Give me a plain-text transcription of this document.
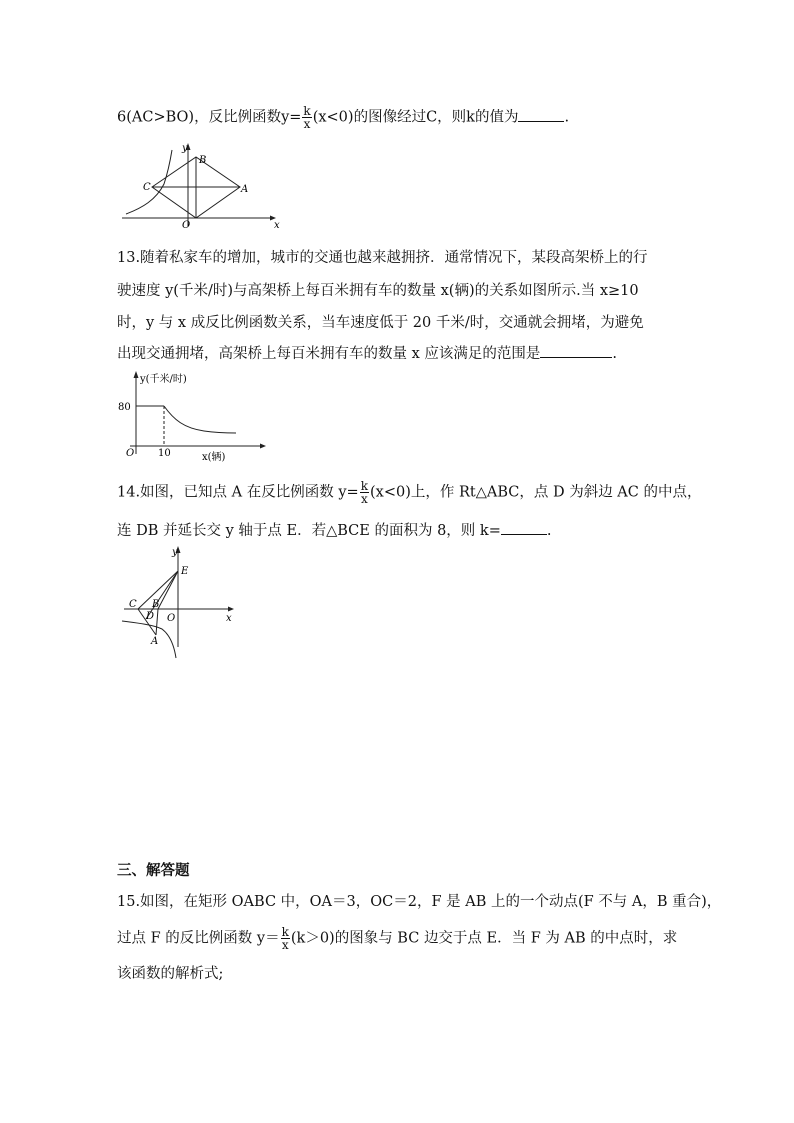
6(AC>BO)，反比例函数$y= \frac{k}{x} (x<0)$的图像经过C，则k的值为	.
y
x
B
C	A
O
13.随着私家车的增加，城市的交通也越来越拥挤．通常情况下，某段高架桥上的行
驶速度 y(千米/时)与高架桥上每百米拥有车的数量 x(辆)的关系如图所示.当 x≥10
时，y 与 x 成反比例函数关系，当车速度低于 20 千米/时，交通就会拥堵，为避免
出现交通拥堵，高架桥上每百米拥有车的数量 x 应该满足的范围是	.
y(千米/时)
80
10
O	x(辆)
14.如图，已知点 A 在反比例函数 $y= \frac{k}{x} (x<0)$上，作 Rt△ABC，点 D 为斜边 AC 的中点，
连 DB 并延长交 y 轴于点 E．若△BCE 的面积为 8，则 k=	.
y
E
C B
D O	x
A
三、解答题
15.如图，在矩形 OABC 中，OA＝3，OC＝2，F 是 AB 上的一个动点(F 不与 A，B 重合)，
过点 F 的反比例函数 $y= \frac{k}{x} (k>0)$的图象与 BC 边交于点 E．当 F 为 AB 的中点时，求
该函数的解析式;
